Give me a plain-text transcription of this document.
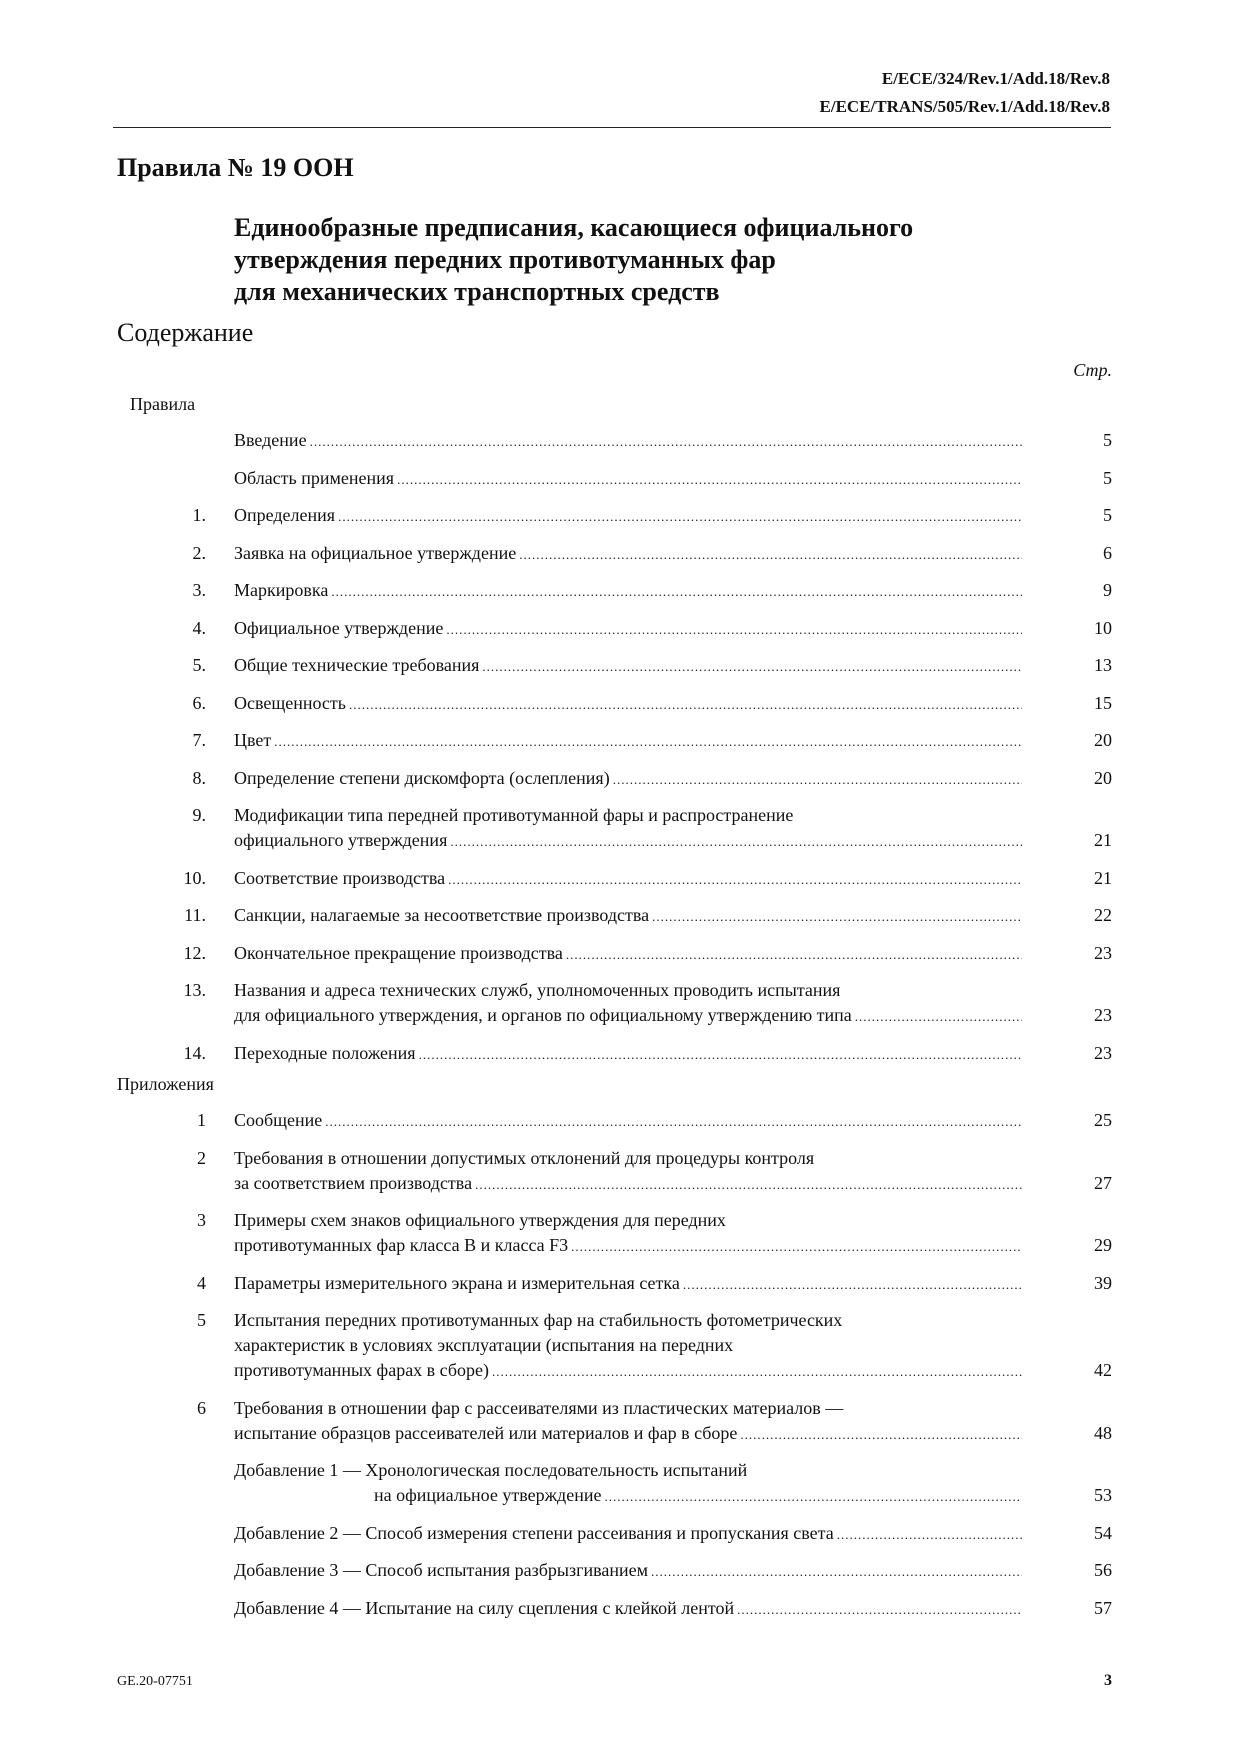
E/ECE/324/Rev.1/Add.18/Rev.8
E/ECE/TRANS/505/Rev.1/Add.18/Rev.8
Правила № 19 ООН
Единообразные предписания, касающиеся официального
утверждения передних противотуманных фар
для механических транспортных средств
Содержание
Стр.
Правила
Введение .....	5
Область применения .....	5
1. Определения .....	5
2. Заявка на официальное утверждение .....	6
3. Маркировка .....	9
4. Официальное утверждение .....	10
5. Общие технические требования .....	13
6. Освещенность .....	15
7. Цвет .....	20
8. Определение степени дискомфорта (ослепления) .....	20
9. Модификации типа передней противотуманной фары и распространение
официального утверждения .....	21
10. Соответствие производства .....	21
11. Санкции, налагаемые за несоответствие производства .....	22
12. Окончательное прекращение производства .....	23
13. Названия и адреса технических служб, уполномоченных проводить испытания
для официального утверждения, и органов по официальному утверждению типа .....	23
14. Переходные положения .....	23
Приложения
1 Сообщение .....	25
2 Требования в отношении допустимых отклонений для процедуры контроля
за соответствием производства .....	27
3 Примеры схем знаков официального утверждения для передних
противотуманных фар класса B и класса F3 .....	29
4 Параметры измерительного экрана и измерительная сетка .....	39
5 Испытания передних противотуманных фар на стабильность фотометрических
характеристик в условиях эксплуатации (испытания на передних
противотуманных фарах в сборе) .....	42
6 Требования в отношении фар с рассеивателями из пластических материалов —
испытание образцов рассеивателей или материалов и фар в сборе .....	48
Добавление 1 — Хронологическая последовательность испытаний
на официальное утверждение .....	53
Добавление 2 — Способ измерения степени рассеивания и пропускания света .....	54
Добавление 3 — Способ испытания разбрызгиванием .....	56
Добавление 4 — Испытание на силу сцепления с клейкой лентой .....	57
GE.20-07751	3
